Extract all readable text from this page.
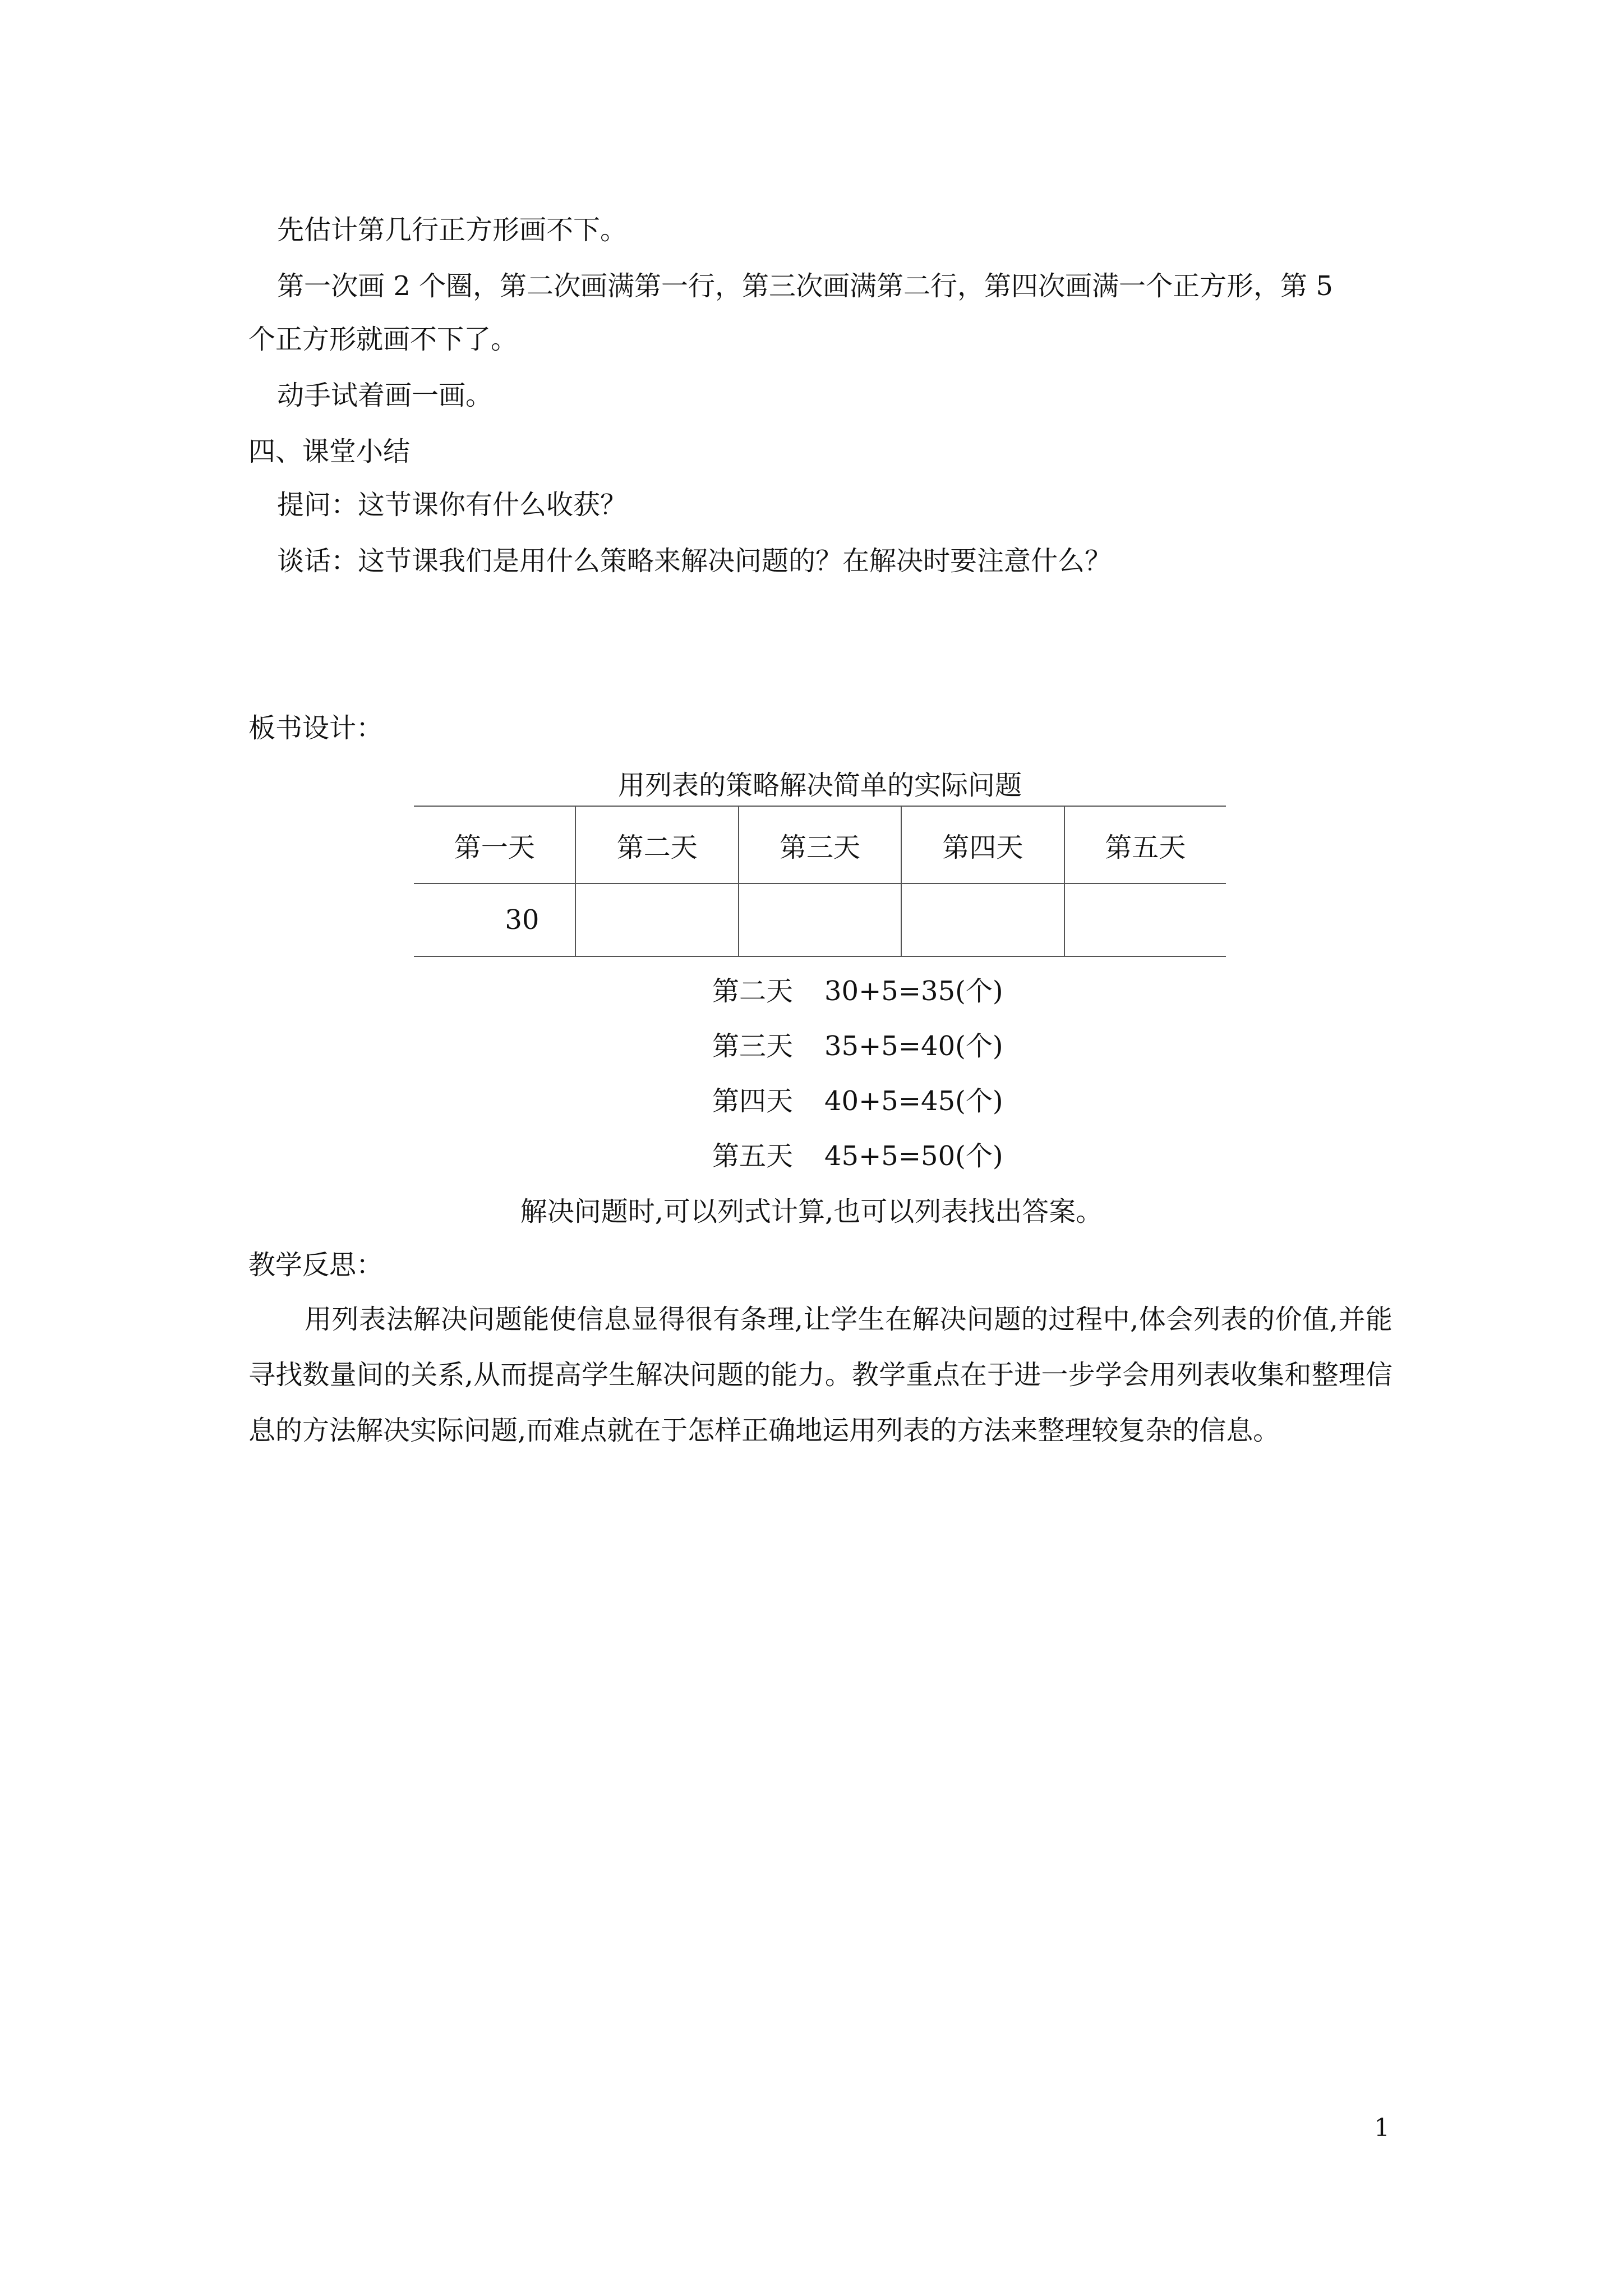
先估计第几行正方形画不下。
第一次画 2 个圈，第二次画满第一行，第三次画满第二行，第四次画满一个正方形，第 5
个正方形就画不下了。
动手试着画一画。
四、课堂小结
提问：这节课你有什么收获？
谈话：这节课我们是用什么策略来解决问题的？在解决时要注意什么？
板书设计：
用列表的策略解决简单的实际问题
第一天	第二天	第三天	第四天	第五天
30				
第二天 30+5=35(个)
第三天 35+5=40(个)
第四天 40+5=45(个)
第五天 45+5=50(个)
解决问题时,可以列式计算,也可以列表找出答案。
教学反思：
用列表法解决问题能使信息显得很有条理,让学生在解决问题的过程中,体会列表的价值,并能寻找数量间的关系,从而提高学生解决问题的能力。教学重点在于进一步学会用列表收集和整理信息的方法解决实际问题,而难点就在于怎样正确地运用列表的方法来整理较复杂的信息。
1
